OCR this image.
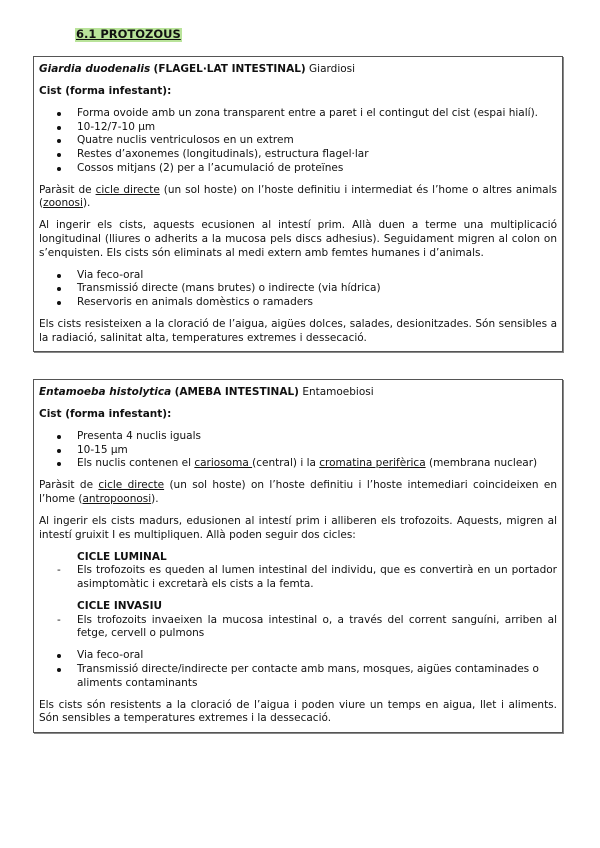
6.1 PROTOZOUS

Giardia duodenalis (FLAGEL·LAT INTESTINAL) Giardiosi

Cist (forma infestant):

Forma ovoide amb un zona transparent entre a paret i el contingut del cist (espai hialí).
10-12/7-10 µm
Quatre nuclis ventriculosos en un extrem
Restes d’axonemes (longitudinals), estructura flagel·lar
Cossos mitjans (2) per a l’acumulació de proteïnes

Paràsit de cicle directe (un sol hoste) on l’hoste definitiu i intermediat és l’home o altres animals (zoonosi).

Al ingerir els cists, aquests ecusionen al intestí prim. Allà duen a terme una multiplicació longitudinal (lliures o adherits a la mucosa pels discs adhesius). Seguidament migren al colon on s’enquisten. Els cists són eliminats al medi extern amb femtes humanes i d’animals.

Via feco-oral
Transmissió directe (mans brutes) o indirecte (via hídrica)
Reservoris en animals domèstics o ramaders

Els cists resisteixen a la cloració de l’aigua, aigües dolces, salades, desionitzades. Són sensibles a la radiació, salinitat alta, temperatures extremes i dessecació.

Entamoeba histolytica (AMEBA INTESTINAL) Entamoebiosi

Cist (forma infestant):

Presenta 4 nuclis iguals
10-15 µm
Els nuclis contenen el cariosoma (central) i la cromatina perifèrica (membrana nuclear)

Paràsit de cicle directe (un sol hoste) on l’hoste definitiu i l’hoste intemediari coincideixen en l’home (antropoonosi).

Al ingerir els cists madurs, edusionen al intestí prim i alliberen els trofozoits. Aquests, migren al intestí gruixit I es multipliquen. Allà poden seguir dos cicles:

CICLE LUMINAL
- Els trofozoits es queden al lumen intestinal del individu, que es convertirà en un portador asimptomàtic i excretarà els cists a la femta.
CICLE INVASIU
- Els trofozoits invaeixen la mucosa intestinal o, a través del corrent sanguíni, arriben al fetge, cervell o pulmons
Via feco-oral
Transmissió directe/indirecte per contacte amb mans, mosques, aigües contaminades o aliments contaminants

Els cists són resistents a la cloració de l’aigua i poden viure un temps en aigua, llet i aliments. Són sensibles a temperatures extremes i la dessecació.
